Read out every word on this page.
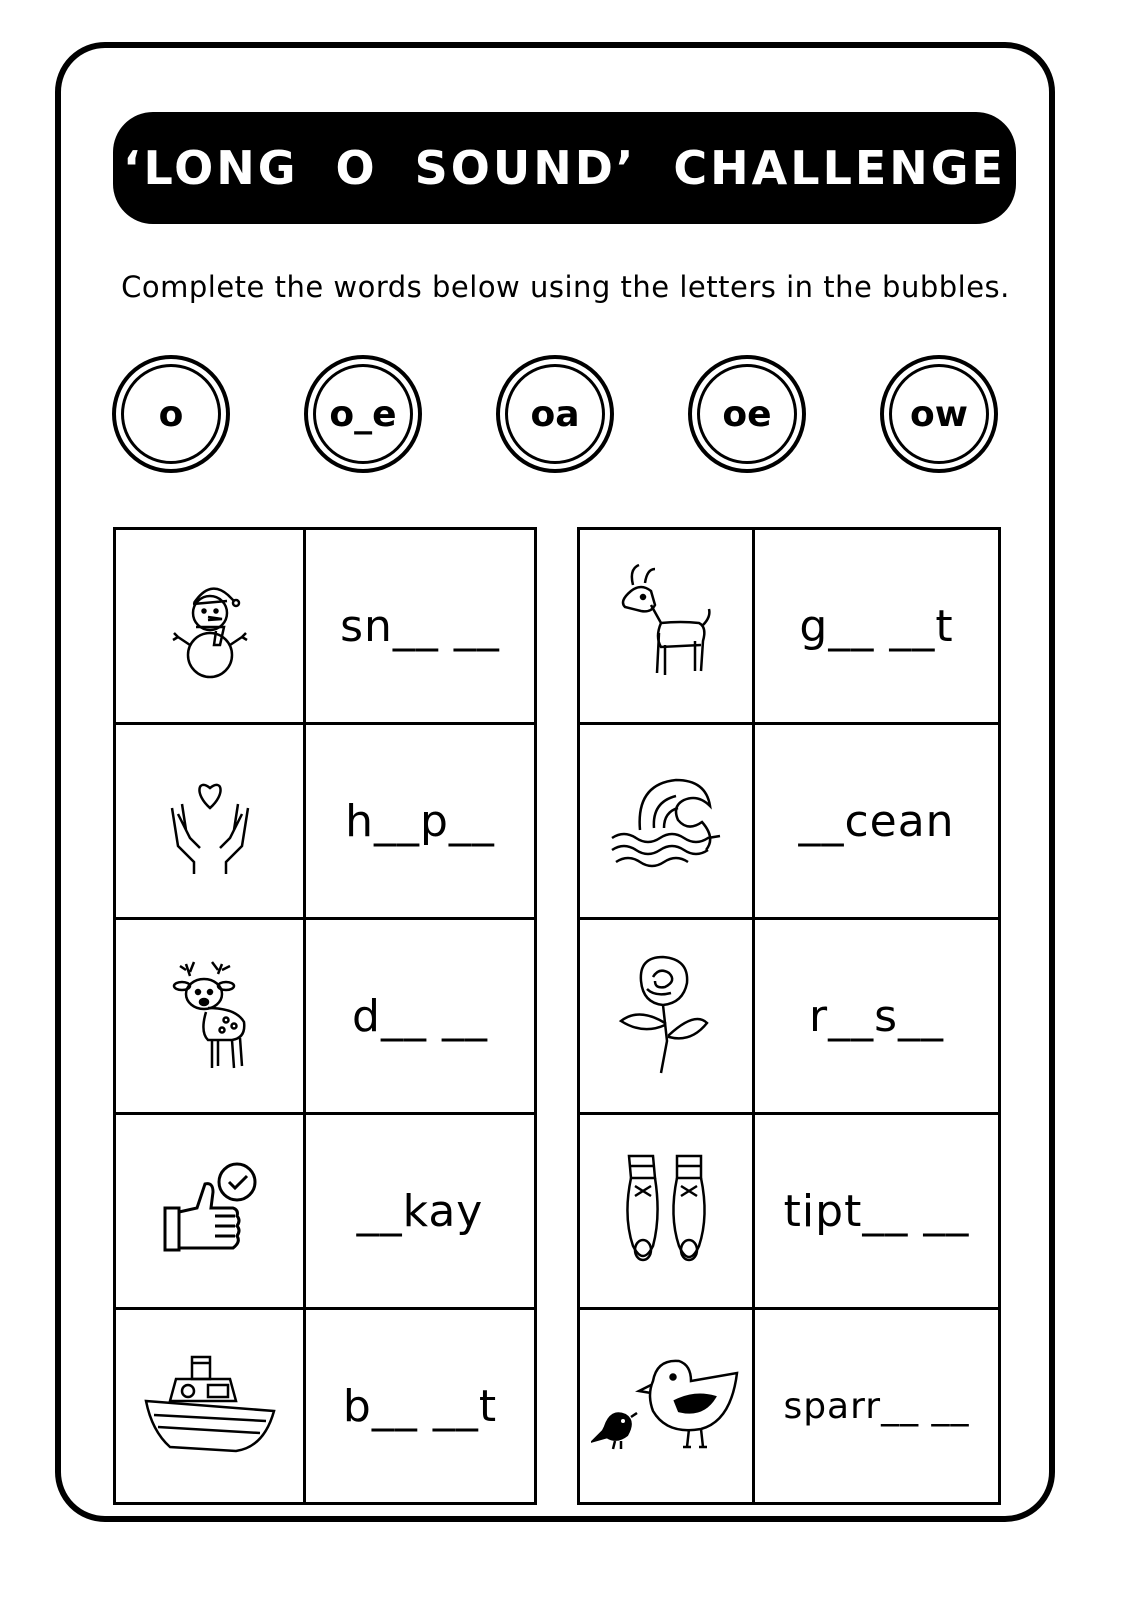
‘LONG O SOUND’ CHALLENGE
Complete the words below using the letters in the bubbles.
o	o_e	oa	oe	ow
	sn__ __

	h__p__

	d__ __

	__kay

	b__ __t
	g__ __t

	__cean

	r__s__

	tipt__ __

	sparr__ __
